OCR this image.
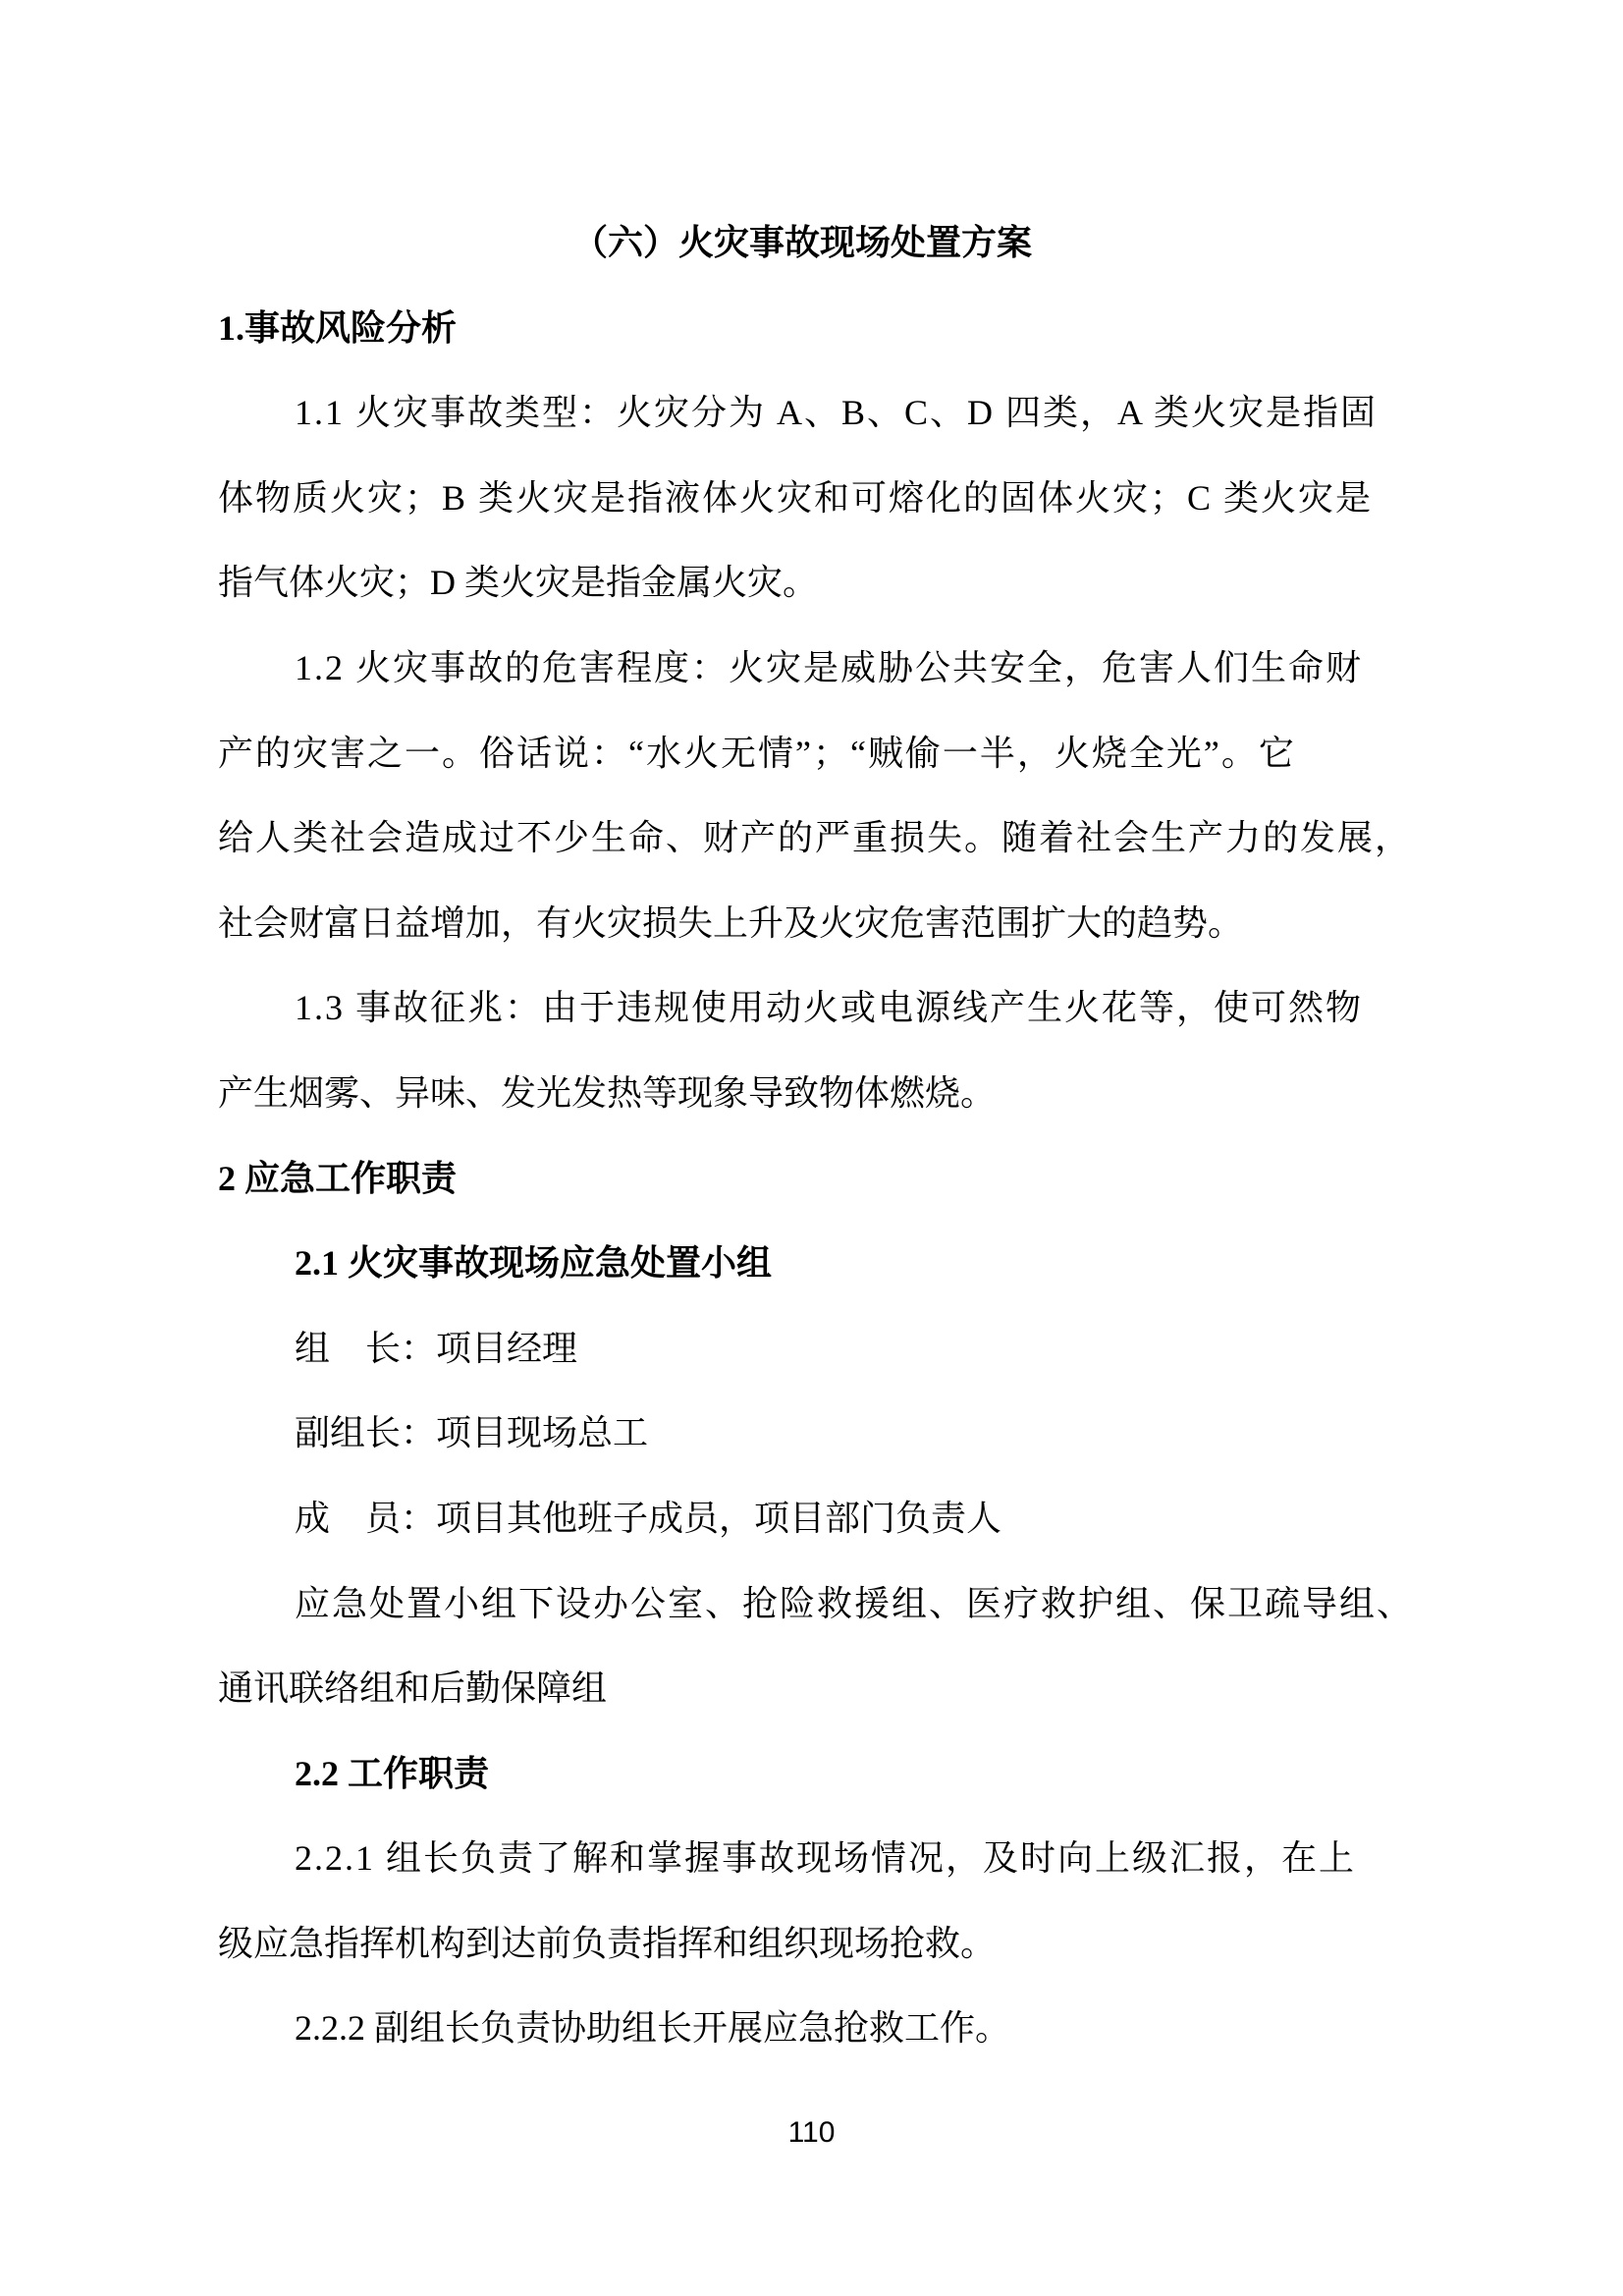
（六）火灾事故现场处置方案
1.事故风险分析
1.1 火灾事故类型：火灾分为 A、B、C、D 四类，A 类火灾是指固
体物质火灾；B 类火灾是指液体火灾和可熔化的固体火灾；C 类火灾是
指气体火灾；D 类火灾是指金属火灾。
1.2 火灾事故的危害程度：火灾是威胁公共安全，危害人们生命财
产的灾害之一。俗话说：“水火无情”；“贼偷一半，火烧全光”。它
给人类社会造成过不少生命、财产的严重损失。随着社会生产力的发展，
社会财富日益增加，有火灾损失上升及火灾危害范围扩大的趋势。
1.3 事故征兆：由于违规使用动火或电源线产生火花等，使可然物
产生烟雾、异味、发光发热等现象导致物体燃烧。
2 应急工作职责
2.1 火灾事故现场应急处置小组
组　长：项目经理
副组长：项目现场总工
成　员：项目其他班子成员，项目部门负责人
应急处置小组下设办公室、抢险救援组、医疗救护组、保卫疏导组、
通讯联络组和后勤保障组
2.2 工作职责
2.2.1 组长负责了解和掌握事故现场情况，及时向上级汇报，在上
级应急指挥机构到达前负责指挥和组织现场抢救。
2.2.2 副组长负责协助组长开展应急抢救工作。
110
